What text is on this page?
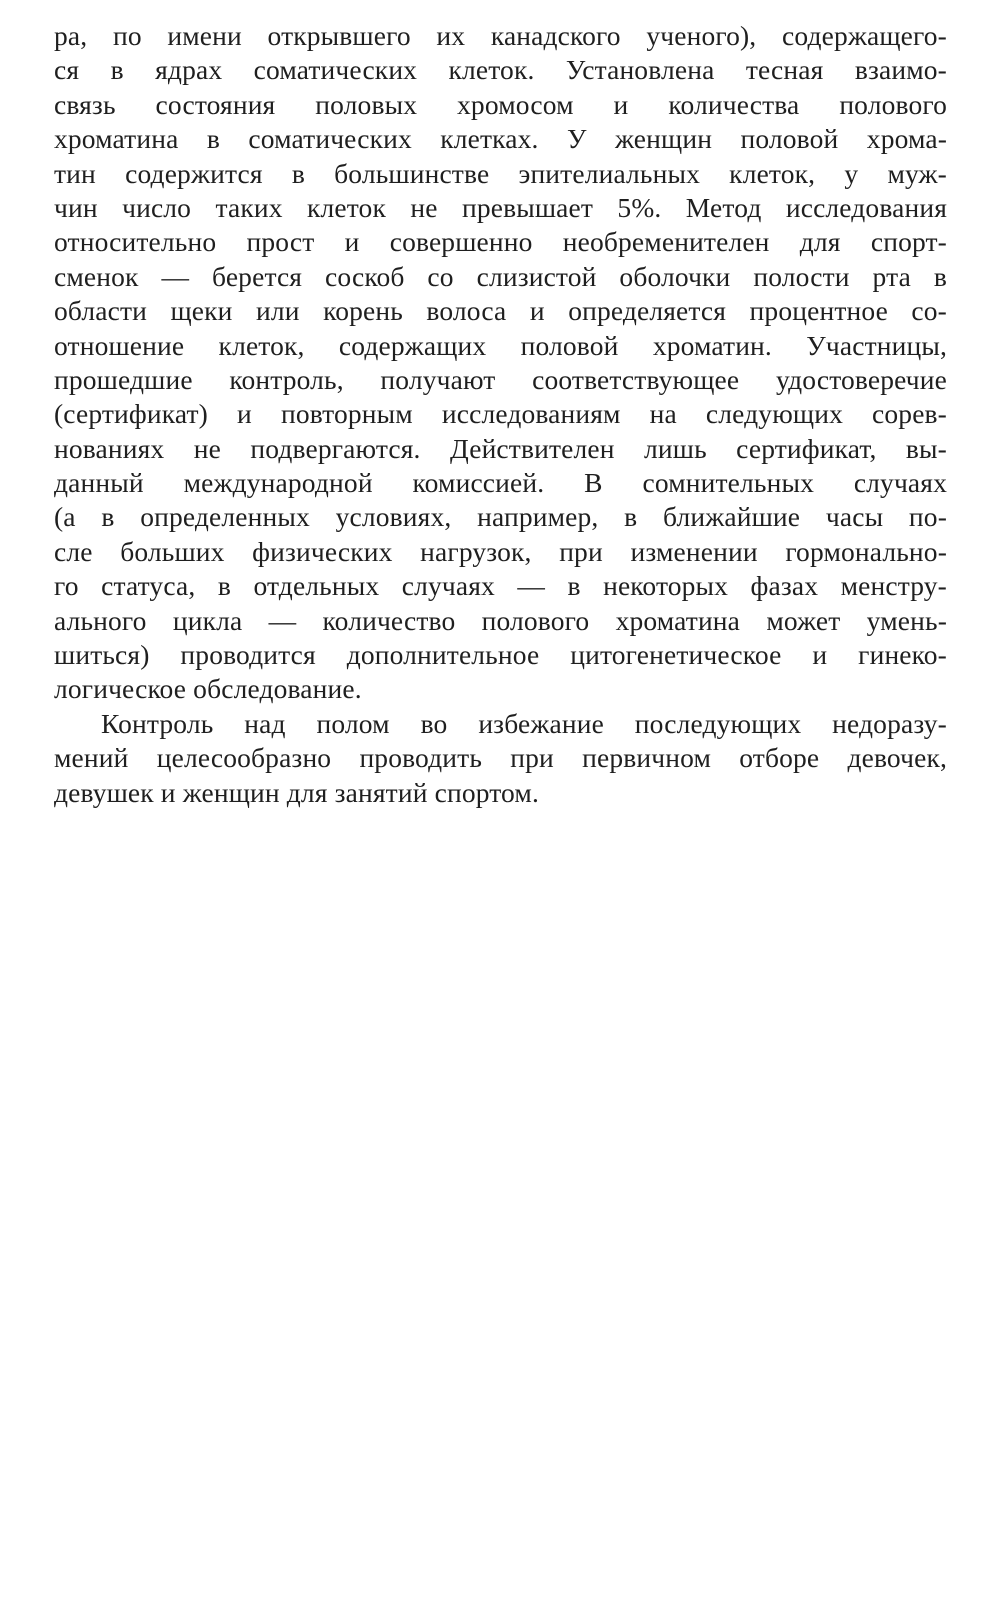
ра, по имени открывшего их канадского ученого), содержащего-
ся в ядрах соматических клеток. Установлена тесная взаимо-
связь состояния половых хромосом и количества полового
хроматина в соматических клетках. У женщин половой хрома-
тин содержится в большинстве эпителиальных клеток, у муж-
чин число таких клеток не превышает 5%. Метод исследования
относительно прост и совершенно необременителен для спорт-
сменок — берется соскоб со слизистой оболочки полости рта в
области щеки или корень волоса и определяется процентное со-
отношение клеток, содержащих половой хроматин. Участницы,
прошедшие контроль, получают соответствующее удостоверечие
(сертификат) и повторным исследованиям на следующих сорев-
нованиях не подвергаются. Действителен лишь сертификат, вы-
данный международной комиссией. В сомнительных случаях
(а в определенных условиях, например, в ближайшие часы по-
сле больших физических нагрузок, при изменении гормонально-
го статуса, в отдельных случаях — в некоторых фазах менстру-
ального цикла — количество полового хроматина может умень-
шиться) проводится дополнительное цитогенетическое и гинеко-
логическое обследование.
Контроль над полом во избежание последующих недоразу-
мений целесообразно проводить при первичном отборе девочек,
девушек и женщин для занятий спортом.
